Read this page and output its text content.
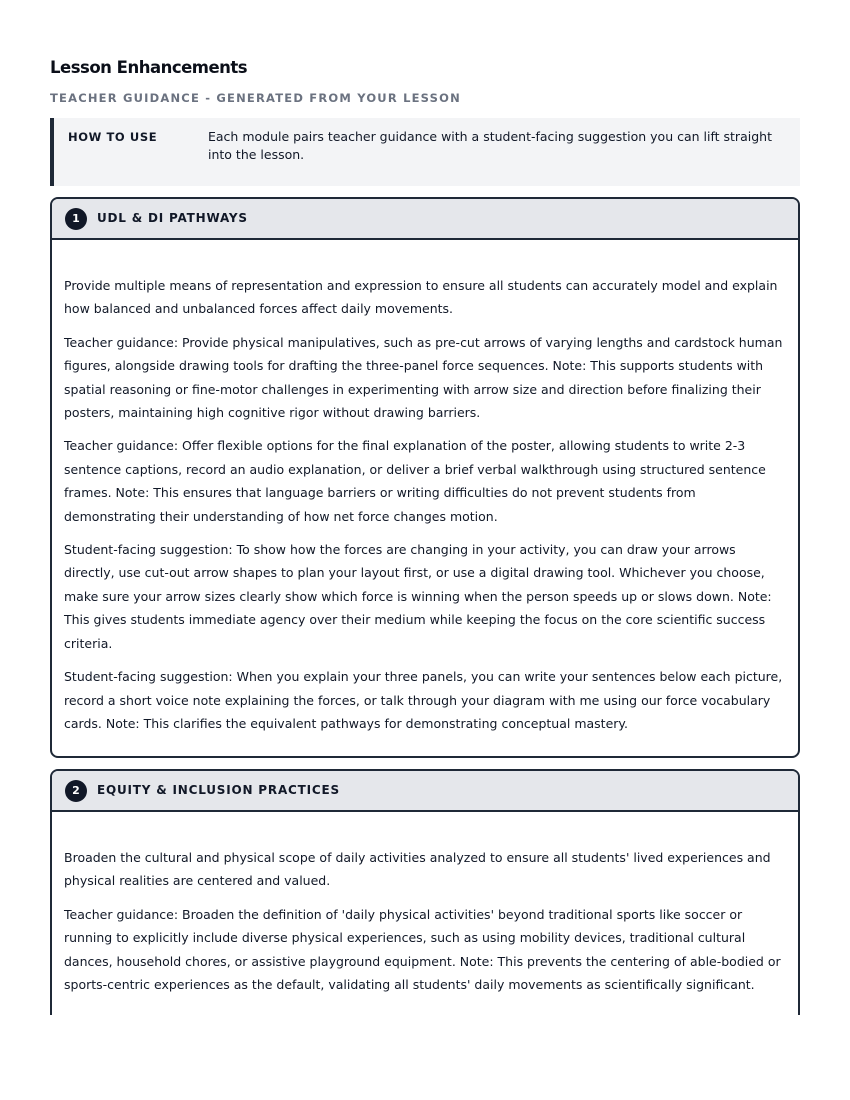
Lesson Enhancements
TEACHER GUIDANCE - GENERATED FROM YOUR LESSON
HOW TO USE	Each module pairs teacher guidance with a student-facing suggestion you can lift straight into the lesson.
1	UDL & DI PATHWAYS

Provide multiple means of representation and expression to ensure all students can accurately model and explain how balanced and unbalanced forces affect daily movements.

Teacher guidance: Provide physical manipulatives, such as pre-cut arrows of varying lengths and cardstock human figures, alongside drawing tools for drafting the three-panel force sequences. Note: This supports students with spatial reasoning or fine-motor challenges in experimenting with arrow size and direction before finalizing their posters, maintaining high cognitive rigor without drawing barriers.

Teacher guidance: Offer flexible options for the final explanation of the poster, allowing students to write 2-3 sentence captions, record an audio explanation, or deliver a brief verbal walkthrough using structured sentence frames. Note: This ensures that language barriers or writing difficulties do not prevent students from demonstrating their understanding of how net force changes motion.

Student-facing suggestion: To show how the forces are changing in your activity, you can draw your arrows directly, use cut-out arrow shapes to plan your layout first, or use a digital drawing tool. Whichever you choose, make sure your arrow sizes clearly show which force is winning when the person speeds up or slows down. Note: This gives students immediate agency over their medium while keeping the focus on the core scientific success criteria.

Student-facing suggestion: When you explain your three panels, you can write your sentences below each picture, record a short voice note explaining the forces, or talk through your diagram with me using our force vocabulary cards. Note: This clarifies the equivalent pathways for demonstrating conceptual mastery.

2	EQUITY & INCLUSION PRACTICES

Broaden the cultural and physical scope of daily activities analyzed to ensure all students' lived experiences and physical realities are centered and valued.

Teacher guidance: Broaden the definition of 'daily physical activities' beyond traditional sports like soccer or running to explicitly include diverse physical experiences, such as using mobility devices, traditional cultural dances, household chores, or assistive playground equipment. Note: This prevents the centering of able-bodied or sports-centric experiences as the default, validating all students' daily movements as scientifically significant.
